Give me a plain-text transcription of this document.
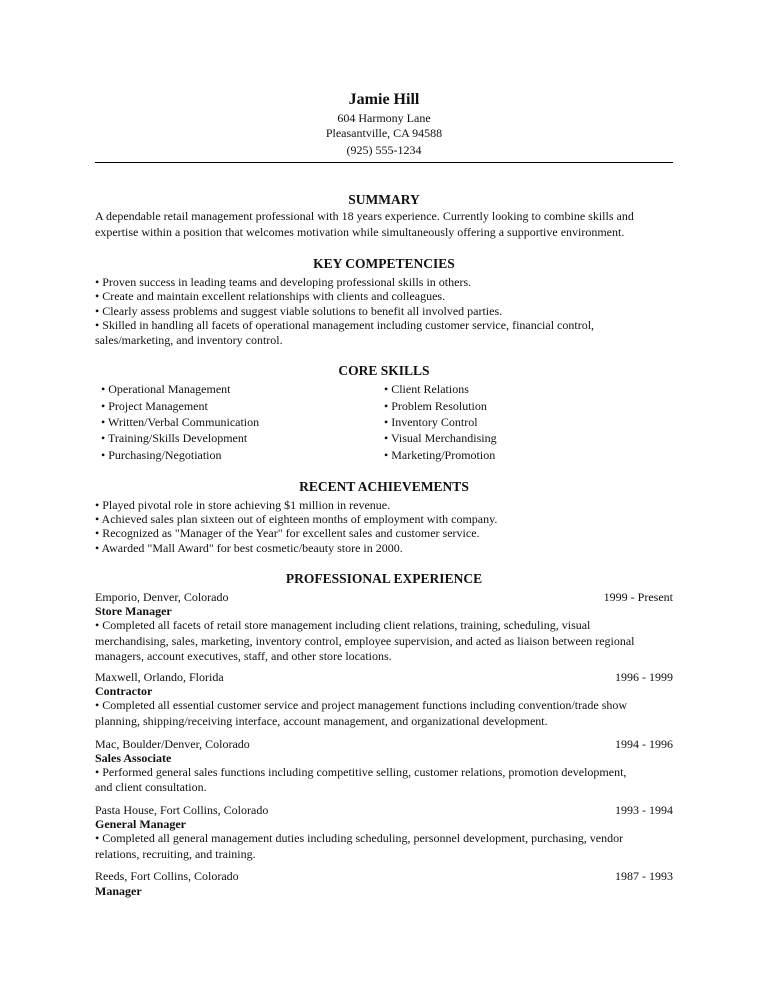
Jamie Hill
604 Harmony Lane
Pleasantville, CA 94588
(925) 555-1234
SUMMARY
A dependable retail management professional with 18 years experience. Currently looking to combine skills and
expertise within a position that welcomes motivation while simultaneously offering a supportive environment.
KEY COMPETENCIES
• Proven success in leading teams and developing professional skills in others.
• Create and maintain excellent relationships with clients and colleagues.
• Clearly assess problems and suggest viable solutions to benefit all involved parties.
• Skilled in handling all facets of operational management including customer service, financial control,
sales/marketing, and inventory control.
CORE SKILLS
• Operational Management
• Project Management
• Written/Verbal Communication
• Training/Skills Development
• Purchasing/Negotiation
• Client Relations
• Problem Resolution
• Inventory Control
• Visual Merchandising
• Marketing/Promotion
RECENT ACHIEVEMENTS
• Played pivotal role in store achieving $1 million in revenue.
• Achieved sales plan sixteen out of eighteen months of employment with company.
• Recognized as "Manager of the Year" for excellent sales and customer service.
• Awarded "Mall Award" for best cosmetic/beauty store in 2000.
PROFESSIONAL EXPERIENCE
Emporio, Denver, Colorado	1999 - Present
Store Manager
• Completed all facets of retail store management including client relations, training, scheduling, visual
merchandising, sales, marketing, inventory control, employee supervision, and acted as liaison between regional
managers, account executives, staff, and other store locations.
Maxwell, Orlando, Florida	1996 - 1999
Contractor
• Completed all essential customer service and project management functions including convention/trade show
planning, shipping/receiving interface, account management, and organizational development.
Mac, Boulder/Denver, Colorado	1994 - 1996
Sales Associate
• Performed general sales functions including competitive selling, customer relations, promotion development,
and client consultation.
Pasta House, Fort Collins, Colorado	1993 - 1994
General Manager
• Completed all general management duties including scheduling, personnel development, purchasing, vendor
relations, recruiting, and training.
Reeds, Fort Collins, Colorado	1987 - 1993
Manager
